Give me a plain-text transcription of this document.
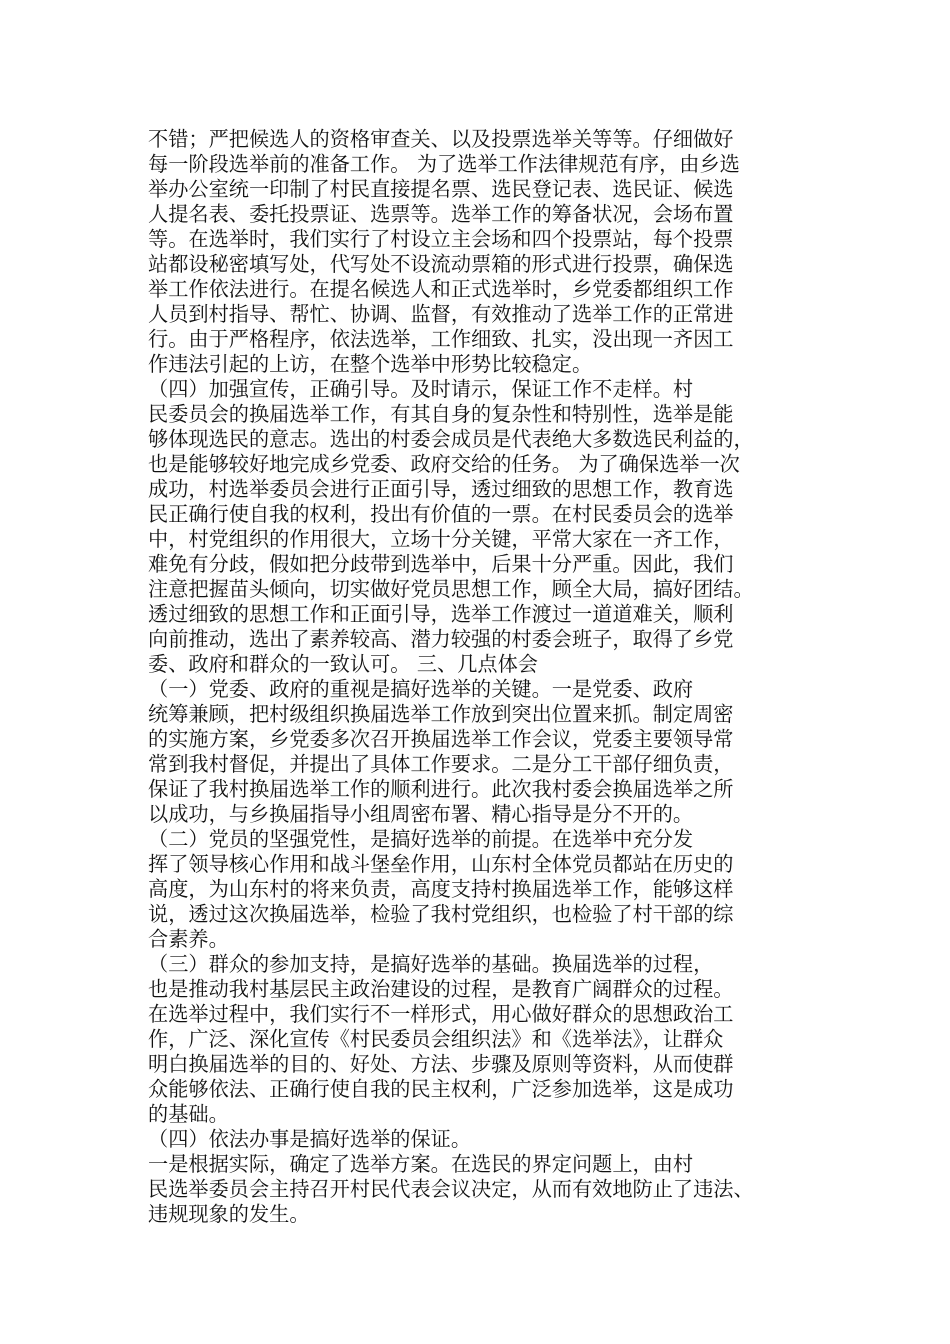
不错；严把候选人的资格审查关、以及投票选举关等等。仔细做好
每一阶段选举前的准备工作。 为了选举工作法律规范有序，由乡选
举办公室统一印制了村民直接提名票、选民登记表、选民证、候选
人提名表、委托投票证、选票等。选举工作的筹备状况，会场布置
等。在选举时，我们实行了村设立主会场和四个投票站，每个投票
站都设秘密填写处，代写处不设流动票箱的形式进行投票，确保选
举工作依法进行。在提名候选人和正式选举时，乡党委都组织工作
人员到村指导、帮忙、协调、监督，有效推动了选举工作的正常进
行。由于严格程序，依法选举，工作细致、扎实，没出现一齐因工
作违法引起的上访，在整个选举中形势比较稳定。
（四）加强宣传，正确引导。及时请示，保证工作不走样。村
民委员会的换届选举工作，有其自身的复杂性和特别性，选举是能
够体现选民的意志。选出的村委会成员是代表绝大多数选民利益的，
也是能够较好地完成乡党委、政府交给的任务。 为了确保选举一次
成功，村选举委员会进行正面引导，透过细致的思想工作，教育选
民正确行使自我的权利，投出有价值的一票。在村民委员会的选举
中，村党组织的作用很大，立场十分关键，平常大家在一齐工作，
难免有分歧，假如把分歧带到选举中，后果十分严重。因此，我们
注意把握苗头倾向，切实做好党员思想工作，顾全大局，搞好团结。
透过细致的思想工作和正面引导，选举工作渡过一道道难关，顺利
向前推动，选出了素养较高、潜力较强的村委会班子，取得了乡党
委、政府和群众的一致认可。 三、几点体会
（一）党委、政府的重视是搞好选举的关键。一是党委、政府
统筹兼顾，把村级组织换届选举工作放到突出位置来抓。制定周密
的实施方案，乡党委多次召开换届选举工作会议，党委主要领导常
常到我村督促，并提出了具体工作要求。二是分工干部仔细负责，
保证了我村换届选举工作的顺利进行。此次我村委会换届选举之所
以成功，与乡换届指导小组周密布署、精心指导是分不开的。
（二）党员的坚强党性，是搞好选举的前提。在选举中充分发
挥了领导核心作用和战斗堡垒作用，山东村全体党员都站在历史的
高度，为山东村的将来负责，高度支持村换届选举工作，能够这样
说，透过这次换届选举，检验了我村党组织，也检验了村干部的综
合素养。
（三）群众的参加支持，是搞好选举的基础。换届选举的过程，
也是推动我村基层民主政治建设的过程，是教育广阔群众的过程。
在选举过程中，我们实行不一样形式，用心做好群众的思想政治工
作，广泛、深化宣传《村民委员会组织法》和《选举法》，让群众
明白换届选举的目的、好处、方法、步骤及原则等资料，从而使群
众能够依法、正确行使自我的民主权利，广泛参加选举，这是成功
的基础。
（四）依法办事是搞好选举的保证。
一是根据实际，确定了选举方案。在选民的界定问题上，由村
民选举委员会主持召开村民代表会议决定，从而有效地防止了违法、
违规现象的发生。
